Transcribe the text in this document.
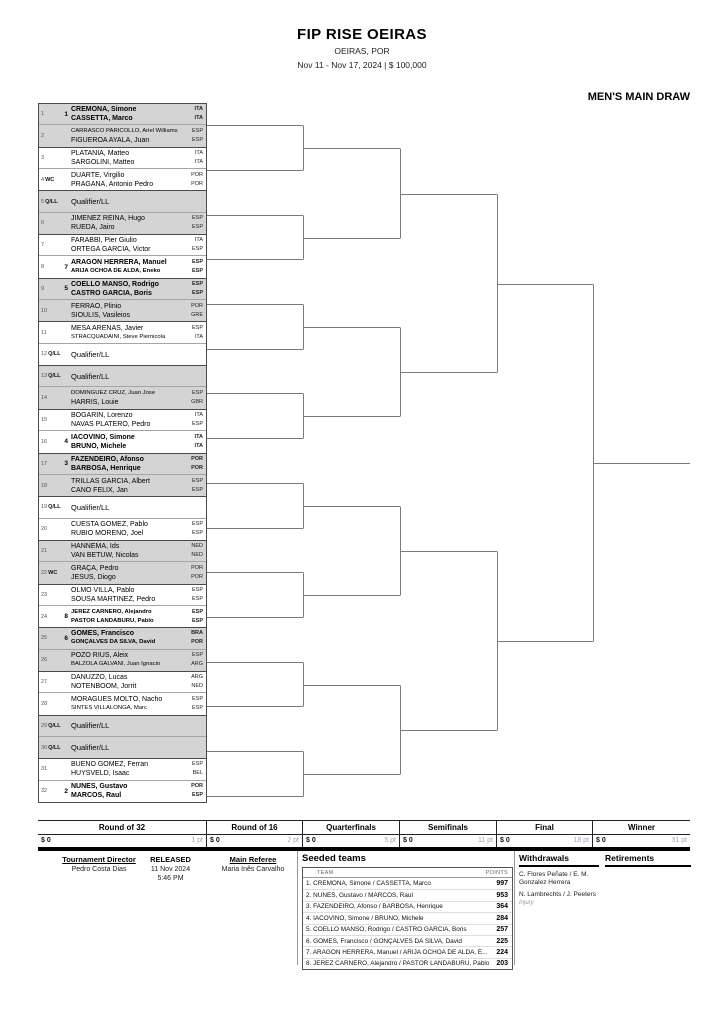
FIP RISE OEIRAS
OEIRAS, POR
Nov 11 - Nov 17, 2024 | $ 100,000
MEN'S MAIN DRAW
1	1
CREMONA, Simone
CASSETTA, Marco
ITA
ITA
2
CARRASCO PARICOLLO, Ariel Williams
FIGUEROA AYALA, Juan
ESP
ESP
3
PLATANIA, Matteo
SARGOLINI, Matteo
ITA
ITA
4 WC
DUARTE, Virgilio
PRAGANA, Antonio Pedro
POR
POR
5 Q/LL Qualifier/LL
6
JIMENEZ REINA, Hugo
RUEDA, Jairo
ESP
ESP
7
FARABBI, Pier Giulio
ORTEGA GARCIA, Victor
ITA
ESP
8	7
ARAGON HERRERA, Manuel
ARIJA OCHOA DE ALDA, Eneko
ESP
ESP
9	5
COELLO MANSO, Rodrigo
CASTRO GARCIA, Boris
ESP
ESP
10
FERRAO, Plinio
SIOULIS, Vasileios
POR
GRE
11
MESA ARENAS, Javier
STRACQUADAINI, Steve Piernicola
ESP
ITA
12 Q/LL Qualifier/LL
13 Q/LL Qualifier/LL
14
DOMINGUEZ CRUZ, Juan Jose
HARRIS, Louie
ESP
GBR
15
BOGARIN, Lorenzo
NAVAS PLATERO, Pedro
ITA
ESP
16	4
IACOVINO, Simone
BRUNO, Michele
ITA
ITA
17	3
FAZENDEIRO, Afonso
BARBOSA, Henrique
POR
POR
18
TRILLAS GARCIA, Albert
CANO FELIX, Jan
ESP
ESP
19 Q/LL Qualifier/LL
20
CUESTA GOMEZ, Pablo
RUBIO MORENO, Joel
ESP
ESP
21
HANNEMA, Ids
VAN BETUW, Nicolas
NED
NED
22 WC
GRAÇA, Pedro
JESUS, Diogo
POR
POR
23
OLMO VILLA, Pablo
SOUSA MARTINEZ, Pedro
ESP
ESP
24	8
JEREZ CARNERO, Alejandro
PASTOR LANDABURU, Pablo
ESP
ESP
25	6
GOMES, Francisco
GONÇALVES DA SILVA, David
BRA
POR
26
POZO RIUS, Aleix
BALZOLA GALVANI, Juan Ignacio
ESP
ARG
27
DANUZZO, Lucas
NOTENBOOM, Jorrit
ARG
NED
28
MORAGUES MOLTÓ, Nacho
SINTES VILLALONGA, Marc
ESP
ESP
29 Q/LL Qualifier/LL
30 Q/LL Qualifier/LL
31
BUENO GOMEZ, Ferran
HUYSVELD, Isaac
ESP
BEL
32	2
NUNES, Gustavo
MARCOS, Raul
POR
ESP
Round of 32
$ 0	1 pt
Round of 16
$ 0	2 pt
Quarterfinals
$ 0	5 pt
Semifinals
$ 0	11 pt
Final
$ 0	18 pt
Winner
$ 0	31 pt
Tournament Director
Pedro Costa Dias
RELEASED
11 Nov 2024
5:46 PM
Main Referee
Maria Inês Carvalho
Seeded teams
TEAM	POINTS
1. CREMONA, Simone / CASSETTA, Marco	997
2. NUNES, Gustavo / MARCOS, Raul	953
3. FAZENDEIRO, Afonso / BARBOSA, Henrique	364
4. IACOVINO, Simone / BRUNO, Michele	284
5. COELLO MANSO, Rodrigo / CASTRO GARCIA, Boris	257
6. GOMES, Francisco / GONÇALVES DA SILVA, David	225
7. ARAGON HERRERA, Manuel / ARIJA OCHOA DE ALDA, E... 224
8. JEREZ CARNERO, Alejandro / PASTOR LANDABURU, Pablo 203
Withdrawals
C. Flores Peñate / E. M. Gonzalez Herrera
N. Lambrechts / J. Peeters
Injury
Retirements
